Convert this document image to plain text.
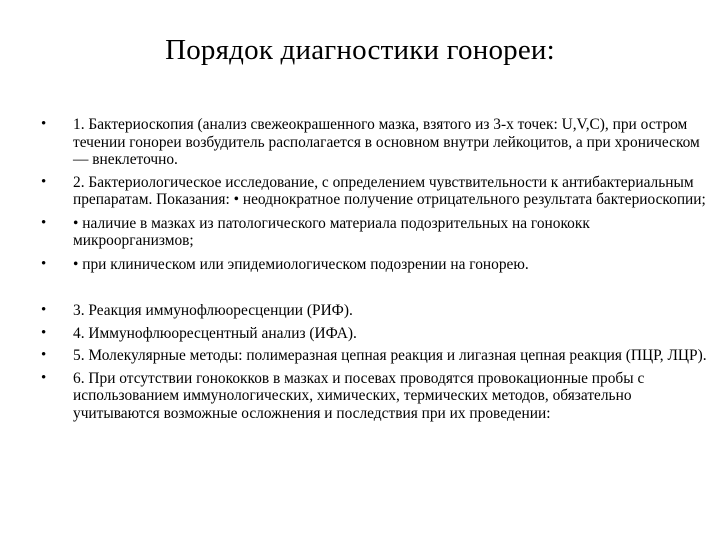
Порядок диагностики гонореи:
• 1. Бактериоскопия (анализ свежеокрашенного мазка, взятого из 3-х точек: U,V,C), при остром течении гонореи возбудитель располагается в основном внутри лейкоцитов, а при хроническом — внеклеточно.
• 2. Бактериологическое исследование, с определением чувствительности к антибактериальным препаратам. Показания: • неоднократное получение отрицательного результата бактериоскопии;
• • наличие в мазках из патологического материала подозрительных на гонококк микроорганизмов;
• • при клиническом или эпидемиологическом подозрении на гонорею.
• 3. Реакция иммунофлюоресценции (РИФ).
• 4. Иммунофлюоресцентный анализ (ИФА).
• 5. Молекулярные методы: полимеразная цепная реакция и лигазная цепная реакция (ПЦР, ЛЦР).
• 6. При отсутствии гонококков в мазках и посевах проводятся провокационные пробы с использованием иммунологических, химических, термических методов, обязательно учитываются возможные осложнения и последствия при их проведении:
